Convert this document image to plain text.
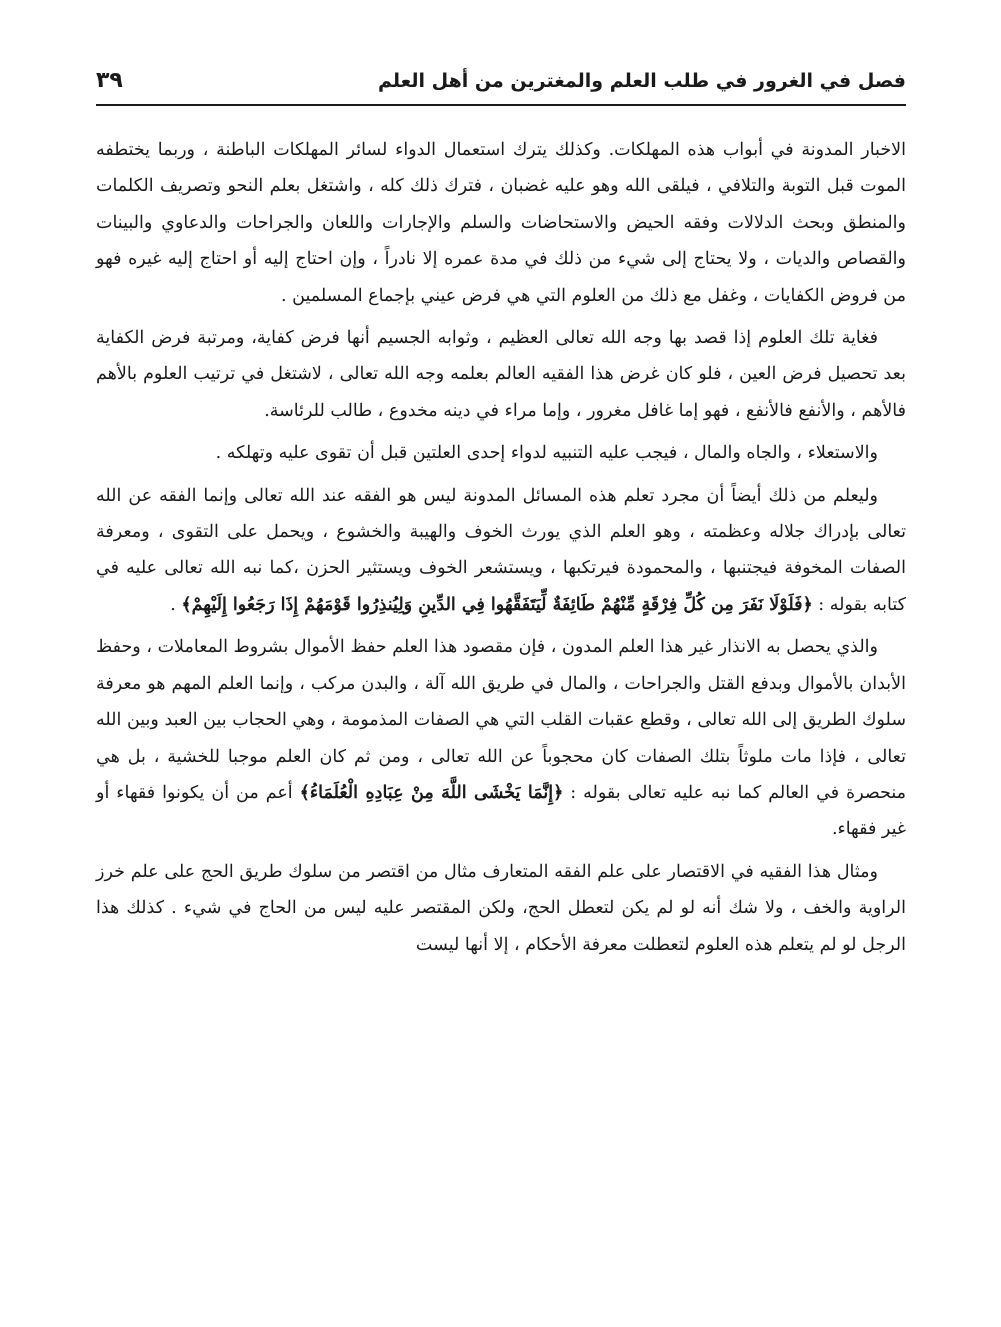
فصل في الغرور في طلب العلم والمغترين من أهل العلم
٣٩

الاخبار المدونة في أبواب هذه المهلكات. وكذلك يترك استعمال الدواء لسائر المهلكات الباطنة ، وربما يختطفه الموت قبل التوبة والتلافي ، فيلقى الله وهو عليه غضبان ، فترك ذلك كله ، واشتغل بعلم النحو وتصريف الكلمات والمنطق وبحث الدلالات وفقه الحيض والاستحاضات والسلم والإجارات واللعان والجراحات والدعاوي والبينات والقصاص والديات ، ولا يحتاج إلى شيء من ذلك في مدة عمره إلا نادراً ، وإن احتاج إليه أو احتاج إليه غيره فهو من فروض الكفايات ، وغفل مع ذلك من العلوم التي هي فرض عيني بإجماع المسلمين .

فغاية تلك العلوم إذا قصد بها وجه الله تعالى العظيم ، وثوابه الجسيم أنها فرض كفاية، ومرتبة فرض الكفاية بعد تحصيل فرض العين ، فلو كان غرض هذا الفقيه العالم بعلمه وجه الله تعالى ، لاشتغل في ترتيب العلوم بالأهم فالأهم ، والأنفع فالأنفع ، فهو إما غافل مغرور ، وإما مراء في دينه مخدوع ، طالب للرئاسة.

والاستعلاء ، والجاه والمال ، فيجب عليه التنبيه لدواء إحدى العلتين قبل أن تقوى عليه وتهلكه .

وليعلم من ذلك أيضاً أن مجرد تعلم هذه المسائل المدونة ليس هو الفقه عند الله تعالى وإنما الفقه عن الله تعالى بإدراك جلاله وعظمته ، وهو العلم الذي يورث الخوف والهيبة والخشوع ، ويحمل على التقوى ، ومعرفة الصفات المخوفة فيجتنبها ، والمحمودة فيرتكبها ، ويستشعر الخوف ويستثير الحزن ،كما نبه الله تعالى عليه في كتابه بقوله : ﴿فَلَوْلَا نَفَرَ مِن كُلِّ فِرْقَةٍ مِّنْهُمْ طَائِفَةٌ لِّيَتَفَقَّهُوا فِي الدِّينِ وَلِيُنذِرُوا قَوْمَهُمْ إِذَا رَجَعُوا إِلَيْهِمْ﴾ .

والذي يحصل به الانذار غير هذا العلم المدون ، فإن مقصود هذا العلم حفظ الأموال بشروط المعاملات ، وحفظ الأبدان بالأموال وبدفع القتل والجراحات ، والمال في طريق الله آلة ، والبدن مركب ، وإنما العلم المهم هو معرفة سلوك الطريق إلى الله تعالى ، وقطع عقبات القلب التي هي الصفات المذمومة ، وهي الحجاب بين العبد وبين الله تعالى ، فإذا مات ملوثاً بتلك الصفات كان محجوباً عن الله تعالى ، ومن ثم كان العلم موجبا للخشية ، بل هي منحصرة في العالم كما نبه عليه تعالى بقوله : ﴿إِنَّمَا يَخْشَى اللَّهَ مِنْ عِبَادِهِ الْعُلَمَاءُ﴾ أعم من أن يكونوا فقهاء أو غير فقهاء.

ومثال هذا الفقيه في الاقتصار على علم الفقه المتعارف مثال من اقتصر من سلوك طريق الحج على علم خرز الراوية والخف ، ولا شك أنه لو لم يكن لتعطل الحج، ولكن المقتصر عليه ليس من الحاج في شيء . كذلك هذا الرجل لو لم يتعلم هذه العلوم لتعطلت معرفة الأحكام ، إلا أنها ليست
